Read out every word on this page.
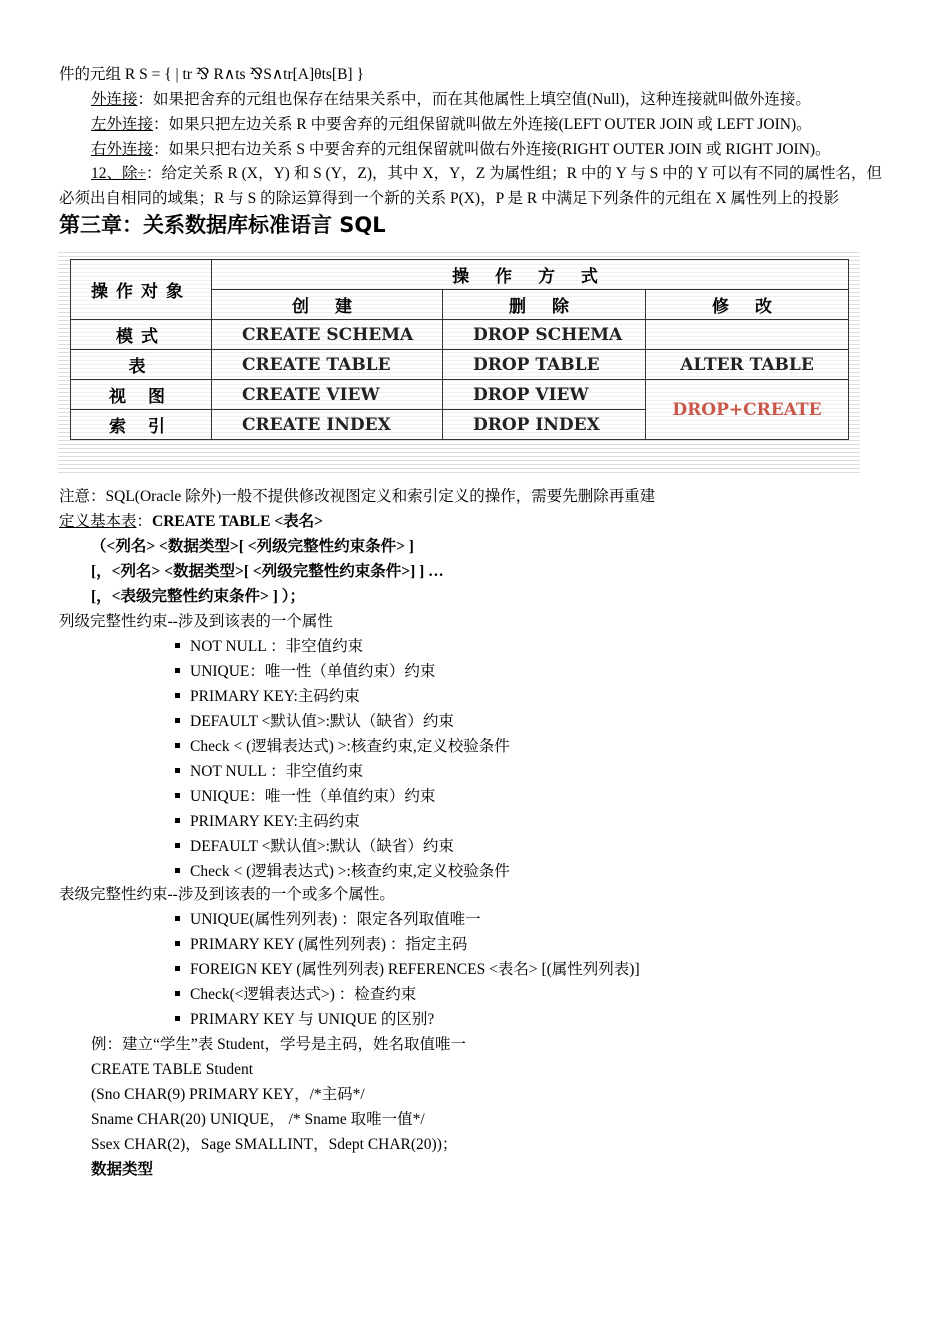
件的元组 R S = { | tr ⅋ R∧ts ⅋S∧tr[A]θts[B] }
外连接：如果把舍弃的元组也保存在结果关系中，而在其他属性上填空值(Null)，这种连接就叫做外连接。
左外连接：如果只把左边关系 R 中要舍弃的元组保留就叫做左外连接(LEFT OUTER JOIN 或 LEFT JOIN)。
右外连接：如果只把右边关系 S 中要舍弃的元组保留就叫做右外连接(RIGHT OUTER JOIN 或 RIGHT JOIN)。
12、除÷：给定关系 R (X，Y) 和 S (Y，Z)，其中 X，Y，Z 为属性组；R 中的 Y 与 S 中的 Y 可以有不同的属性名，但
必须出自相同的域集；R 与 S 的除运算得到一个新的关系 P(X)，P 是 R 中满足下列条件的元组在 X 属性列上的投影
第三章：关系数据库标准语言 SQL
操作对象	操 作 方 式		
	创 建	删 除	修 改
模式	CREATE SCHEMA	DROP SCHEMA	
表	CREATE TABLE	DROP TABLE	ALTER TABLE
视 图	CREATE VIEW	DROP VIEW	DROP+CREATE
索 引	CREATE INDEX	DROP INDEX	
注意：SQL(Oracle 除外)一般不提供修改视图定义和索引定义的操作，需要先删除再重建
定义基本表：CREATE TABLE <表名>
（<列名> <数据类型>[ <列级完整性约束条件> ]
[，<列名> <数据类型>[ <列级完整性约束条件>] ] …
[，<表级完整性约束条件> ] ）；
列级完整性约束--涉及到该表的一个属性
NOT NULL ：非空值约束
UNIQUE：唯一性（单值约束）约束
PRIMARY KEY:主码约束
DEFAULT <默认值>:默认（缺省）约束
Check < (逻辑表达式) >:核查约束,定义校验条件
NOT NULL ：非空值约束
UNIQUE：唯一性（单值约束）约束
PRIMARY KEY:主码约束
DEFAULT <默认值>:默认（缺省）约束
Check < (逻辑表达式) >:核查约束,定义校验条件
表级完整性约束--涉及到该表的一个或多个属性。
UNIQUE(属性列列表) ：限定各列取值唯一
PRIMARY KEY (属性列列表) ：指定主码
FOREIGN KEY (属性列列表) REFERENCES <表名> [(属性列列表)]
Check(<逻辑表达式>) ：检查约束
PRIMARY KEY 与 UNIQUE 的区别?
例：建立“学生”表 Student，学号是主码，姓名取值唯一
CREATE TABLE Student
(Sno CHAR(9) PRIMARY KEY，/*主码*/
Sname CHAR(20) UNIQUE， /* Sname 取唯一值*/
Ssex CHAR(2)，Sage SMALLINT，Sdept CHAR(20))；
数据类型
